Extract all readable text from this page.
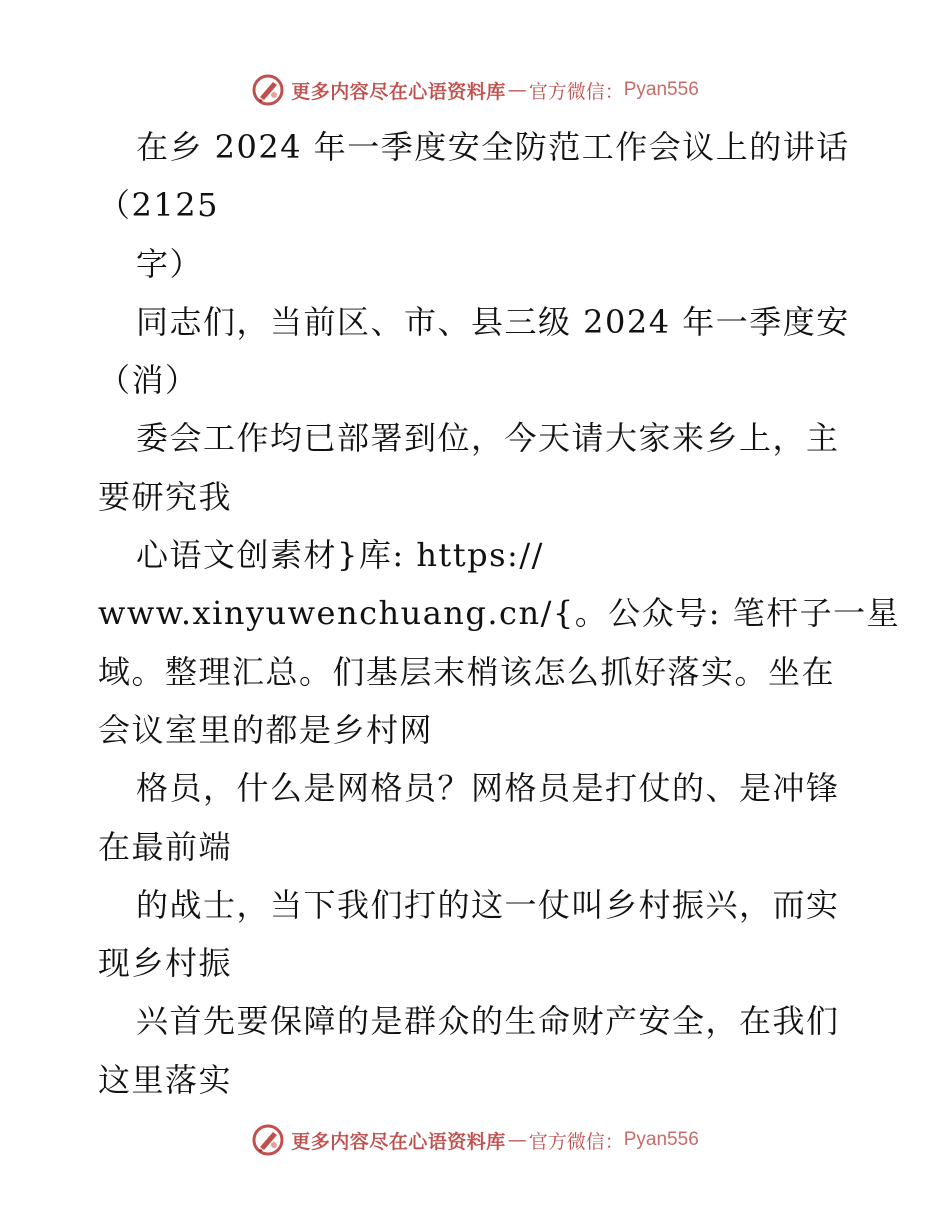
更多内容尽在心语资料库 — 官方微信： Pyan556
在乡 2024 年一季度安全防范工作会议上的讲话
（2125
字）
同志们，当前区、市、县三级 2024 年一季度安
（消）
委会工作均已部署到位，今天请大家来乡上，主
要研究我
心语文创素材}库: https://
www.xinyuwenchuang.cn/{。公众号: 笔杆子一星
域。整理汇总。们基层末梢该怎么抓好落实。坐在
会议室里的都是乡村网
格员，什么是网格员？网格员是打仗的、是冲锋
在最前端
的战士，当下我们打的这一仗叫乡村振兴，而实
现乡村振
兴首先要保障的是群众的生命财产安全，在我们
这里落实
更多内容尽在心语资料库 — 官方微信： Pyan556
